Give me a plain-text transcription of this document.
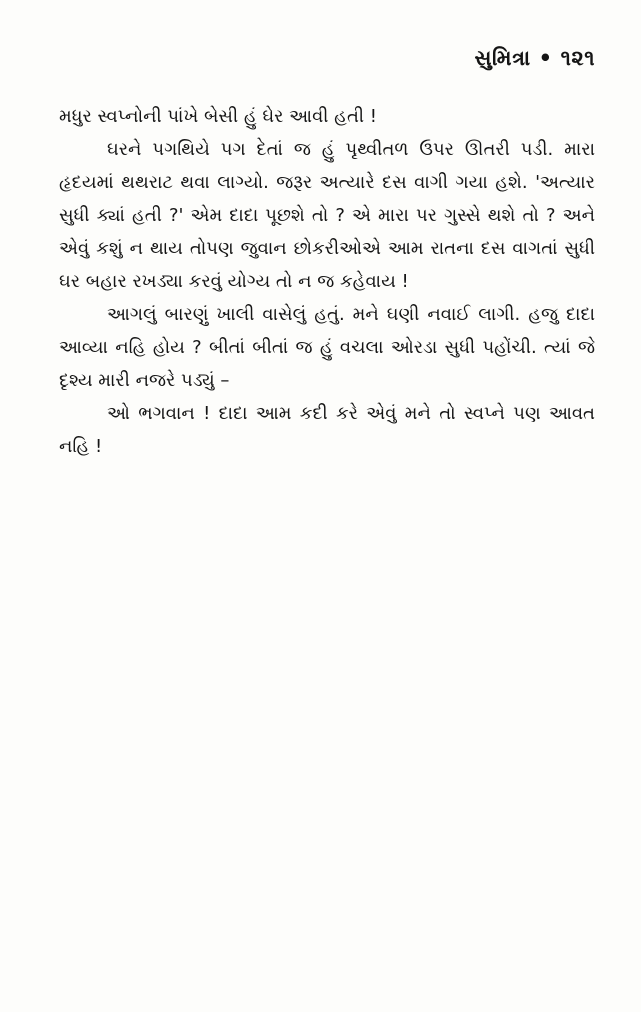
સુમિત્રા • ૧૨૧

મધુર સ્વપ્નોની પાંખે બેસી હું ઘેર આવી હતી !

ઘરને પગથિયે પગ દેતાં જ હું પૃથ્વીતળ ઉપર ઊતરી પડી. મારા હૃદયમાં થથરાટ થવા લાગ્યો. જરૂર અત્યારે દસ વાગી ગયા હશે. 'અત્યાર સુધી ક્યાં હતી ?' એમ દાદા પૂછશે તો ? એ મારા પર ગુસ્સે થશે તો ? અને એવું કશું ન થાય તોપણ જુવાન છોકરીઓએ આમ રાતના દસ વાગતાં સુધી ઘર બહાર રખડ્યા કરવું યોગ્ય તો ન જ કહેવાય !

આગલું બારણું ખાલી વાસેલું હતું. મને ઘણી નવાઈ લાગી. હજુ દાદા આવ્યા નહિ હોય ? બીતાં બીતાં જ હું વચલા ઓરડા સુધી પહોંચી. ત્યાં જે દૃશ્ય મારી નજરે પડ્યું –

ઓ ભગવાન ! દાદા આમ કદી કરે એવું મને તો સ્વપ્ને પણ આવત નહિ !
